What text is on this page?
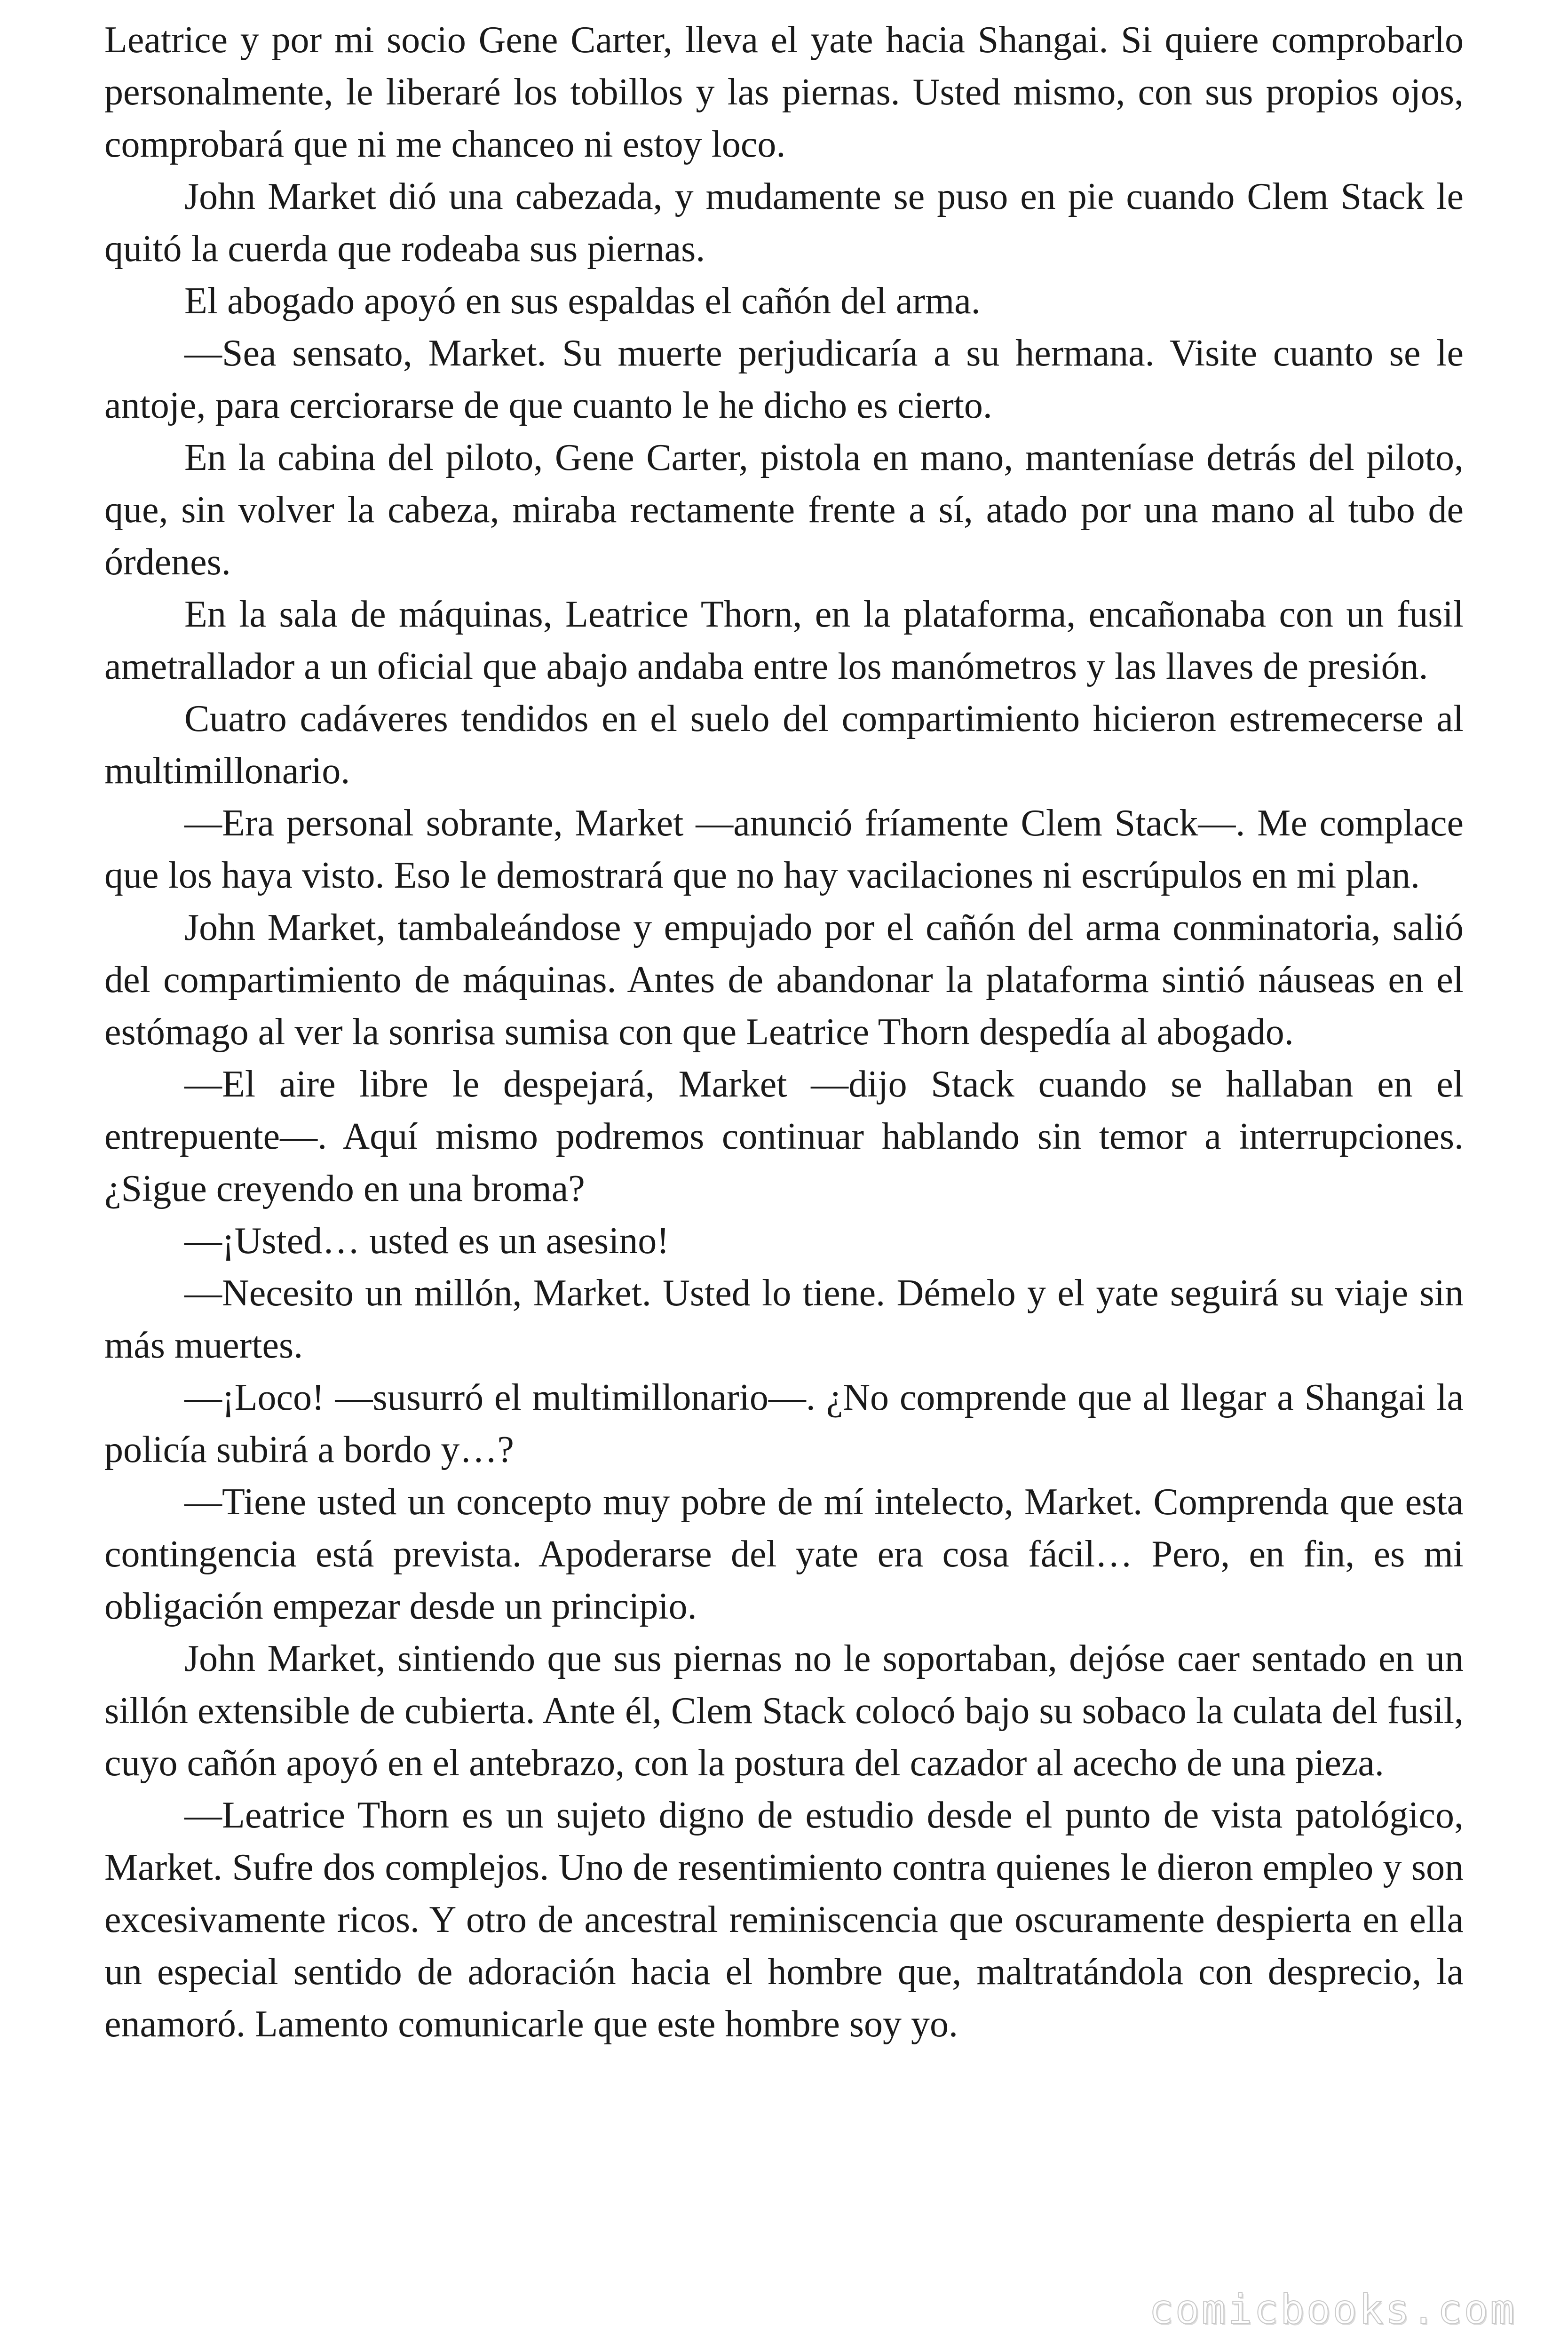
Leatrice y por mi socio Gene Carter, lleva el yate hacia Shangai. Si quiere comprobarlo personalmente, le liberaré los tobillos y las piernas. Usted mismo, con sus propios ojos, comprobará que ni me chanceo ni estoy loco.

John Market dió una cabezada, y mudamente se puso en pie cuando Clem Stack le quitó la cuerda que rodeaba sus piernas.

El abogado apoyó en sus espaldas el cañón del arma.

—Sea sensato, Market. Su muerte perjudicaría a su hermana. Visite cuanto se le antoje, para cerciorarse de que cuanto le he dicho es cierto.

En la cabina del piloto, Gene Carter, pistola en mano, manteníase detrás del piloto, que, sin volver la cabeza, miraba rectamente frente a sí, atado por una mano al tubo de órdenes.

En la sala de máquinas, Leatrice Thorn, en la plataforma, encañonaba con un fusil ametrallador a un oficial que abajo andaba entre los manómetros y las llaves de presión.

Cuatro cadáveres tendidos en el suelo del compartimiento hicieron estremecerse al multimillonario.

—Era personal sobrante, Market —anunció fríamente Clem Stack—. Me complace que los haya visto. Eso le demostrará que no hay vacilaciones ni escrúpulos en mi plan.

John Market, tambaleándose y empujado por el cañón del arma conminatoria, salió del compartimiento de máquinas. Antes de abandonar la plataforma sintió náuseas en el estómago al ver la sonrisa sumisa con que Leatrice Thorn despedía al abogado.

—El aire libre le despejará, Market —dijo Stack cuando se hallaban en el entrepuente—. Aquí mismo podremos continuar hablando sin temor a interrupciones. ¿Sigue creyendo en una broma?

—¡Usted… usted es un asesino!

—Necesito un millón, Market. Usted lo tiene. Démelo y el yate seguirá su viaje sin más muertes.

—¡Loco! —susurró el multimillonario—. ¿No comprende que al llegar a Shangai la policía subirá a bordo y…?

—Tiene usted un concepto muy pobre de mí intelecto, Market. Comprenda que esta contingencia está prevista. Apoderarse del yate era cosa fácil… Pero, en fin, es mi obligación empezar desde un principio.

John Market, sintiendo que sus piernas no le soportaban, dejóse caer sentado en un sillón extensible de cubierta. Ante él, Clem Stack colocó bajo su sobaco la culata del fusil, cuyo cañón apoyó en el antebrazo, con la postura del cazador al acecho de una pieza.

—Leatrice Thorn es un sujeto digno de estudio desde el punto de vista patológico, Market. Sufre dos complejos. Uno de resentimiento contra quienes le dieron empleo y son excesivamente ricos. Y otro de ancestral reminiscencia que oscuramente despierta en ella un especial sentido de adoración hacia el hombre que, maltratándola con desprecio, la enamoró. Lamento comunicarle que este hombre soy yo.

comicbooks.com
